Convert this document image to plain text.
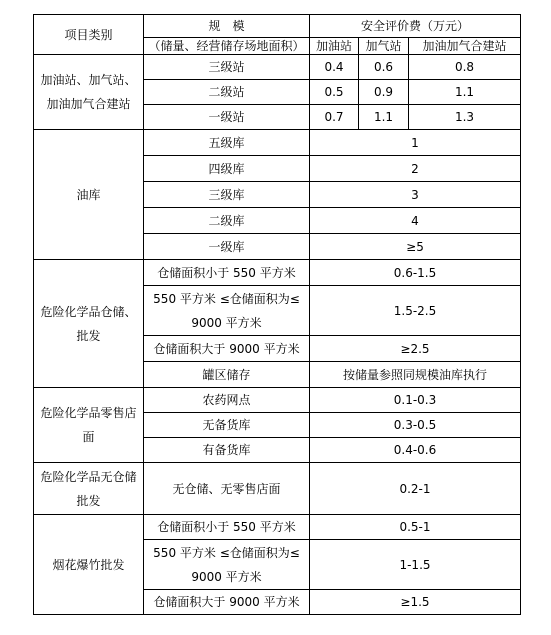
项目类别	规　模	安全评价费（万元）		
	（储量、经营储存场地面积）	加油站	加气站	加油加气合建站
加油站、加气站、加油加气合建站	三级站	0.4	0.6	0.8
	二级站	0.5	0.9	1.1
	一级站	0.7	1.1	1.3
油库	五级库	1		
	四级库	2		
	三级库	3		
	二级库	4		
	一级库	≥5		
危险化学品仓储、批发	仓储面积小于 550 平方米	0.6-1.5		
	550 平方米 ≤仓储面积为≤ 9000 平方米	1.5-2.5		
	仓储面积大于 9000 平方米	≥2.5		
	罐区储存	按储量参照同规模油库执行		
危险化学品零售店面	农药网点	0.1-0.3		
	无备货库	0.3-0.5		
	有备货库	0.4-0.6		
危险化学品无仓储批发	无仓储、无零售店面	0.2-1		
烟花爆竹批发	仓储面积小于 550 平方米	0.5-1		
	550 平方米 ≤仓储面积为≤ 9000 平方米	1-1.5		
	仓储面积大于 9000 平方米	≥1.5		
